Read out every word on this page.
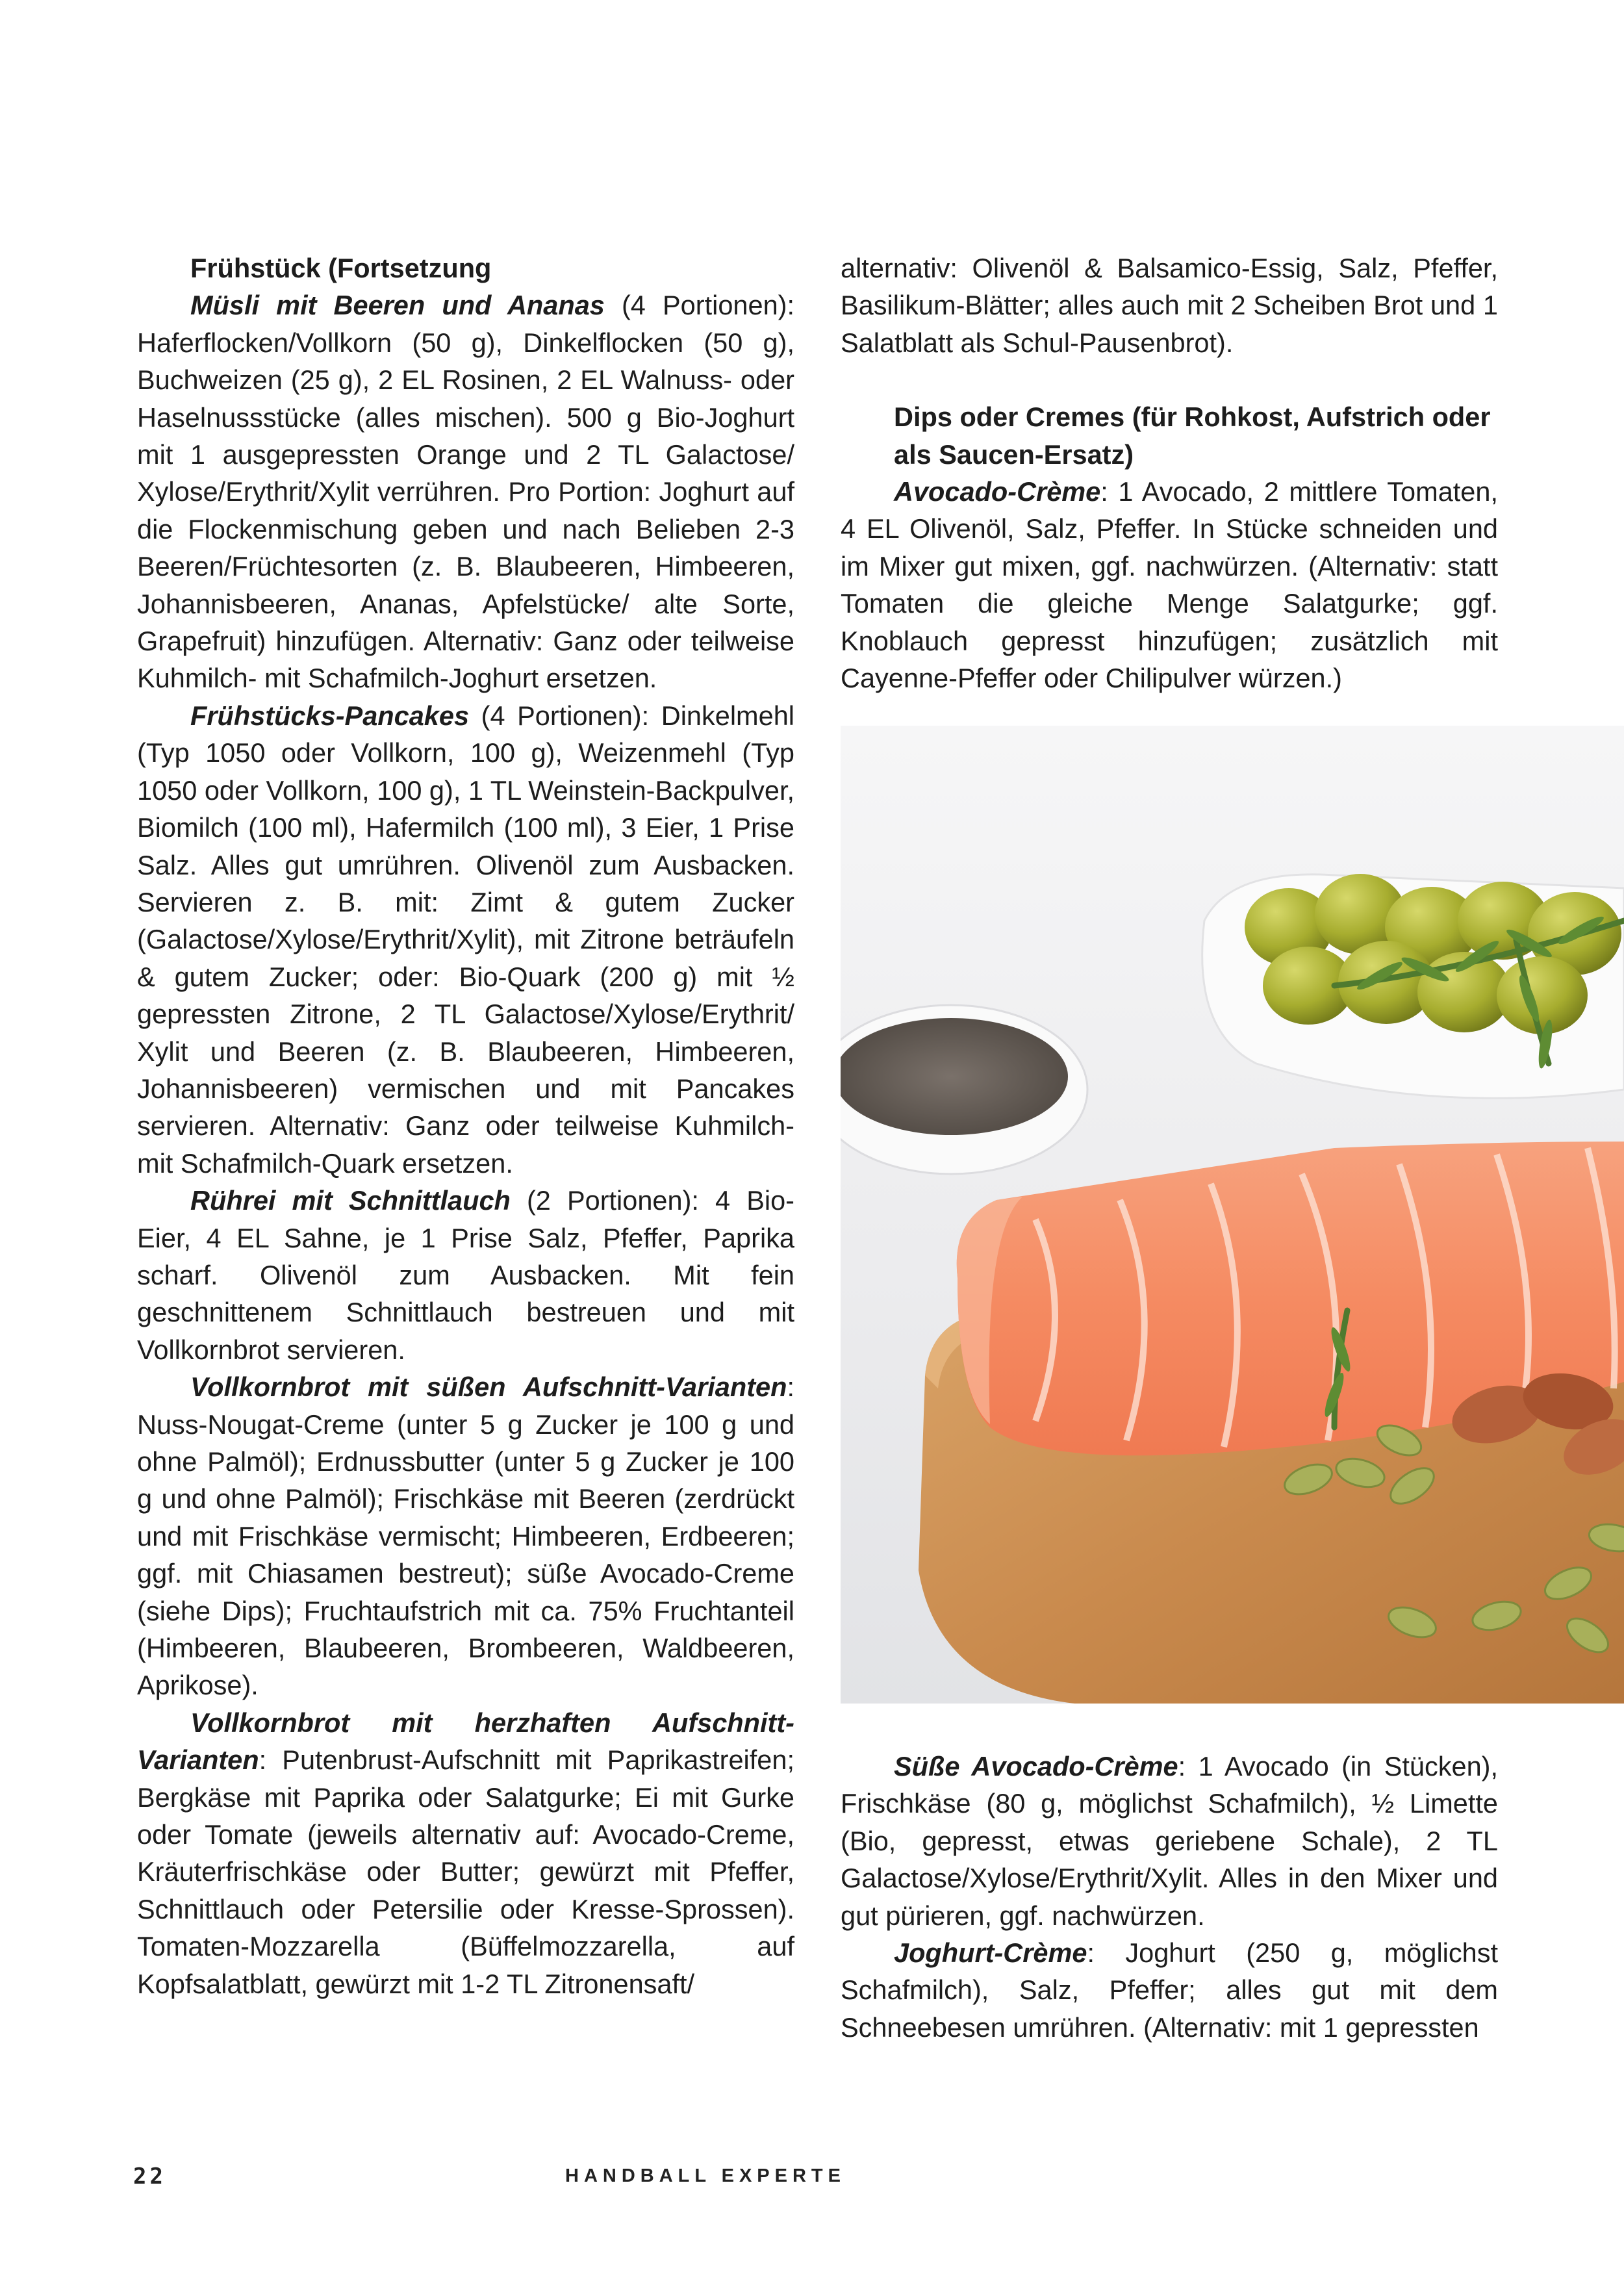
Frühstück (Fortsetzung

Müsli mit Beeren und Ananas (4 Portionen): Haferflocken/Vollkorn (50 g), Dinkelflocken (50 g), Buchweizen (25 g), 2 EL Rosinen, 2 EL Walnuss- oder Haselnussstücke (alles mischen). 500 g Bio-Joghurt mit 1 ausgepressten Orange und 2 TL Galactose/ Xylose/Erythrit/Xylit verrühren. Pro Portion: Joghurt auf die Flockenmischung geben und nach Belieben 2-3 Beeren/Früchtesorten (z. B. Blaubeeren, Himbeeren, Johannisbeeren, Ananas, Apfelstücke/ alte Sorte, Grapefruit) hinzufügen. Alternativ: Ganz oder teilweise Kuhmilch- mit Schafmilch-Joghurt ersetzen.

Frühstücks-Pancakes (4 Portionen): Dinkelmehl (Typ 1050 oder Vollkorn, 100 g), Weizenmehl (Typ 1050 oder Vollkorn, 100 g), 1 TL Weinstein-Backpulver, Biomilch (100 ml), Hafermilch (100 ml), 3 Eier, 1 Prise Salz. Alles gut umrühren. Olivenöl zum Ausbacken. Servieren z. B. mit: Zimt & gutem Zucker (Galactose/Xylose/Erythrit/Xylit), mit Zitrone beträufeln & gutem Zucker; oder: Bio-Quark (200 g) mit ½ gepressten Zitrone, 2 TL Galactose/Xylose/Erythrit/ Xylit und Beeren (z. B. Blaubeeren, Himbeeren, Johannisbeeren) vermischen und mit Pancakes servieren. Alternativ: Ganz oder teilweise Kuhmilch- mit Schafmilch-Quark ersetzen.

Rührei mit Schnittlauch (2 Portionen): 4 Bio-Eier, 4 EL Sahne, je 1 Prise Salz, Pfeffer, Paprika scharf. Olivenöl zum Ausbacken. Mit fein geschnittenem Schnittlauch bestreuen und mit Vollkornbrot servieren.

Vollkornbrot mit süßen Aufschnitt-Varianten: Nuss-Nougat-Creme (unter 5 g Zucker je 100 g und ohne Palmöl); Erdnussbutter (unter 5 g Zucker je 100 g und ohne Palmöl); Frischkäse mit Beeren (zerdrückt und mit Frischkäse vermischt; Himbeeren, Erdbeeren; ggf. mit Chiasamen bestreut); süße Avocado-Creme (siehe Dips); Fruchtaufstrich mit ca. 75% Fruchtanteil (Himbeeren, Blaubeeren, Brombeeren, Waldbeeren, Aprikose).

Vollkornbrot mit herzhaften Aufschnitt-Varianten: Putenbrust-Aufschnitt mit Paprikastreifen; Bergkäse mit Paprika oder Salatgurke; Ei mit Gurke oder Tomate (jeweils alternativ auf: Avocado-Creme, Kräuterfrischkäse oder Butter; gewürzt mit Pfeffer, Schnittlauch oder Petersilie oder Kresse-Sprossen). Tomaten-Mozzarella (Büffelmozzarella, auf Kopfsalatblatt, gewürzt mit 1-2 TL Zitronensaft/

alternativ: Olivenöl & Balsamico-Essig, Salz, Pfeffer, Basilikum-Blätter; alles auch mit 2 Scheiben Brot und 1 Salatblatt als Schul-Pausenbrot).

Dips oder Cremes (für Rohkost, Aufstrich oder als Saucen-Ersatz)

Avocado-Crème: 1 Avocado, 2 mittlere Tomaten, 4 EL Olivenöl, Salz, Pfeffer. In Stücke schneiden und im Mixer gut mixen, ggf. nachwürzen. (Alternativ: statt Tomaten die gleiche Menge Salatgurke; ggf. Knoblauch gepresst hinzufügen; zusätzlich mit Cayenne-Pfeffer oder Chilipulver würzen.)

Süße Avocado-Crème: 1 Avocado (in Stücken), Frischkäse (80 g, möglichst Schafmilch), ½ Limette (Bio, gepresst, etwas geriebene Schale), 2 TL Galactose/Xylose/Erythrit/Xylit. Alles in den Mixer und gut pürieren, ggf. nachwürzen.

Joghurt-Crème: Joghurt (250 g, möglichst Schafmilch), Salz, Pfeffer; alles gut mit dem Schneebesen umrühren. (Alternativ: mit 1 gepressten

22	HANDBALL EXPERTE
